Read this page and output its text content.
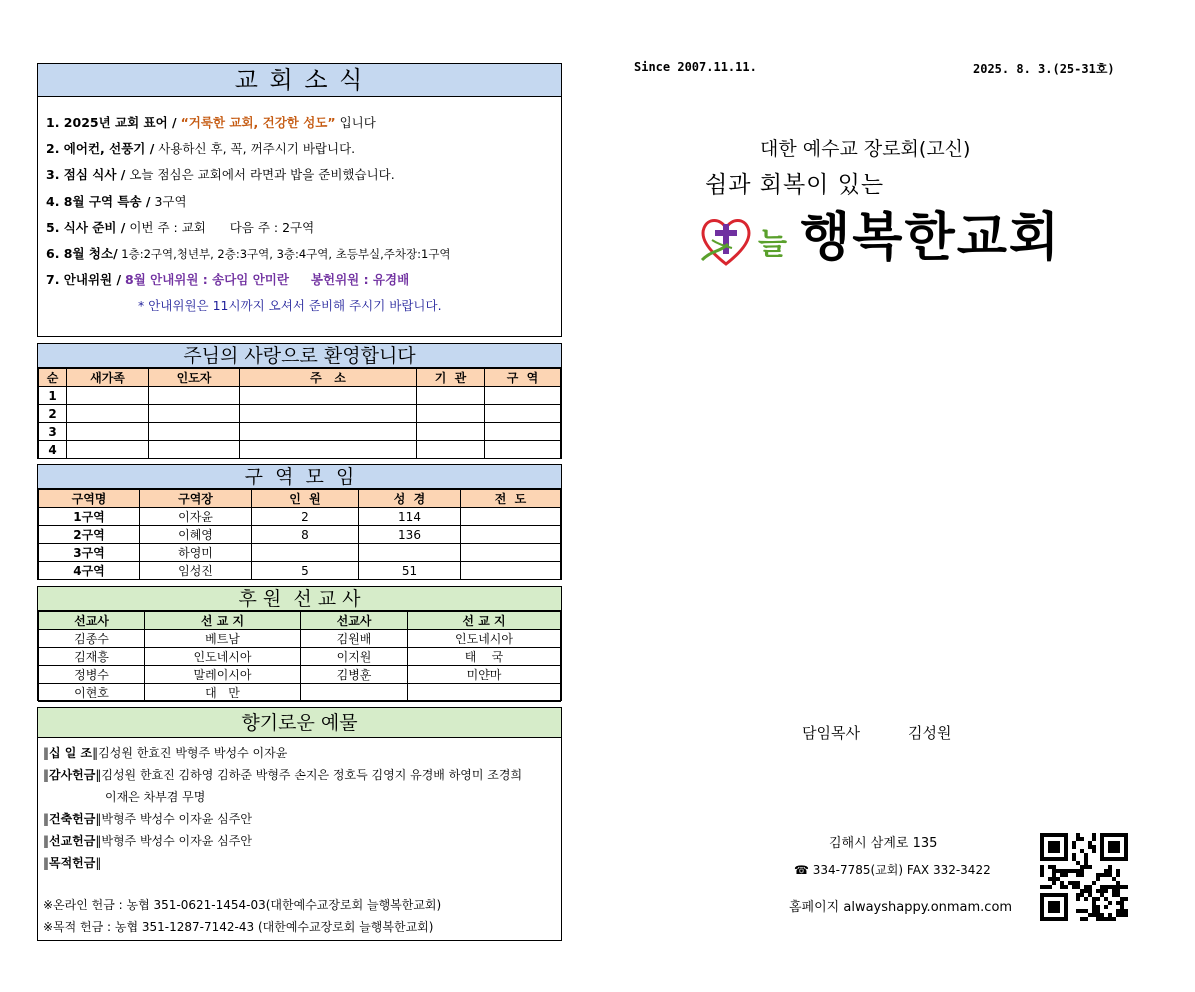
교 회 소 식
1. 2025년 교회 표어 / “거룩한 교회, 건강한 성도” 입니다
2. 에어컨, 선풍기 / 사용하신 후, 꼭, 꺼주시기 바랍니다.
3. 점심 식사 / 오늘 점심은 교회에서 라면과 밥을 준비했습니다.
4. 8월 구역 특송 / 3구역
5. 식사 준비 / 이번 주 : 교회      다음 주 : 2구역
6. 8월 청소/ 1층:2구역,청년부, 2층:3구역, 3층:4구역, 초등부실,주차장:1구역
7. 안내위원 / 8월 안내위원 : 송다임 안미란 봉헌위원 : 유경배
* 안내위원은 11시까지 오셔서 준비해 주시기 바랍니다.
주님의 사랑으로 환영합니다
순	새가족	인도자	주   소	기  관	구  역
1					
2					
3					
4					
구  역  모  임
구역명	구역장	인  원	성  경	전  도
1구역	이자윤	2	114	
2구역	이혜영	8	136	
3구역	하영미			
4구역	임성진	5	51	
후 원  선 교 사
선교사	선 교 지	선교사	선 교 지
김종수	베트남	김원배	인도네시아
김재흥	인도네시아	이지원	태    국
정병수	말레이시아	김병훈	미얀마
이현호	대   만		
향기로운 예물
‖십 일 조‖김성원 한효진 박형주 박성수 이자윤
‖감사헌금‖김성원 한효진 김하영 김하준 박형주 손지은 정호득 김영지 유경배 하영미 조경희
이재은 차부겸 무명
‖건축헌금‖박형주 박성수 이자윤 심주안
‖선교헌금‖박형주 박성수 이자윤 심주안
‖목적헌금‖
※온라인 헌금 : 농협 351-0621-1454-03(대한예수교장로회 늘행복한교회)
※목적 헌금 : 농협 351-1287-7142-43 (대한예수교장로회 늘행복한교회)
Since 2007.11.11.	2025. 8. 3.(25-31호)
대한 예수교 장로회(고신)
쉼과 회복이 있는
늘 행복한교회
담임목사	김성원
김해시 삼계로 135
☎ 334-7785(교회) FAX 332-3422
홈페이지 alwayshappy.onmam.com
